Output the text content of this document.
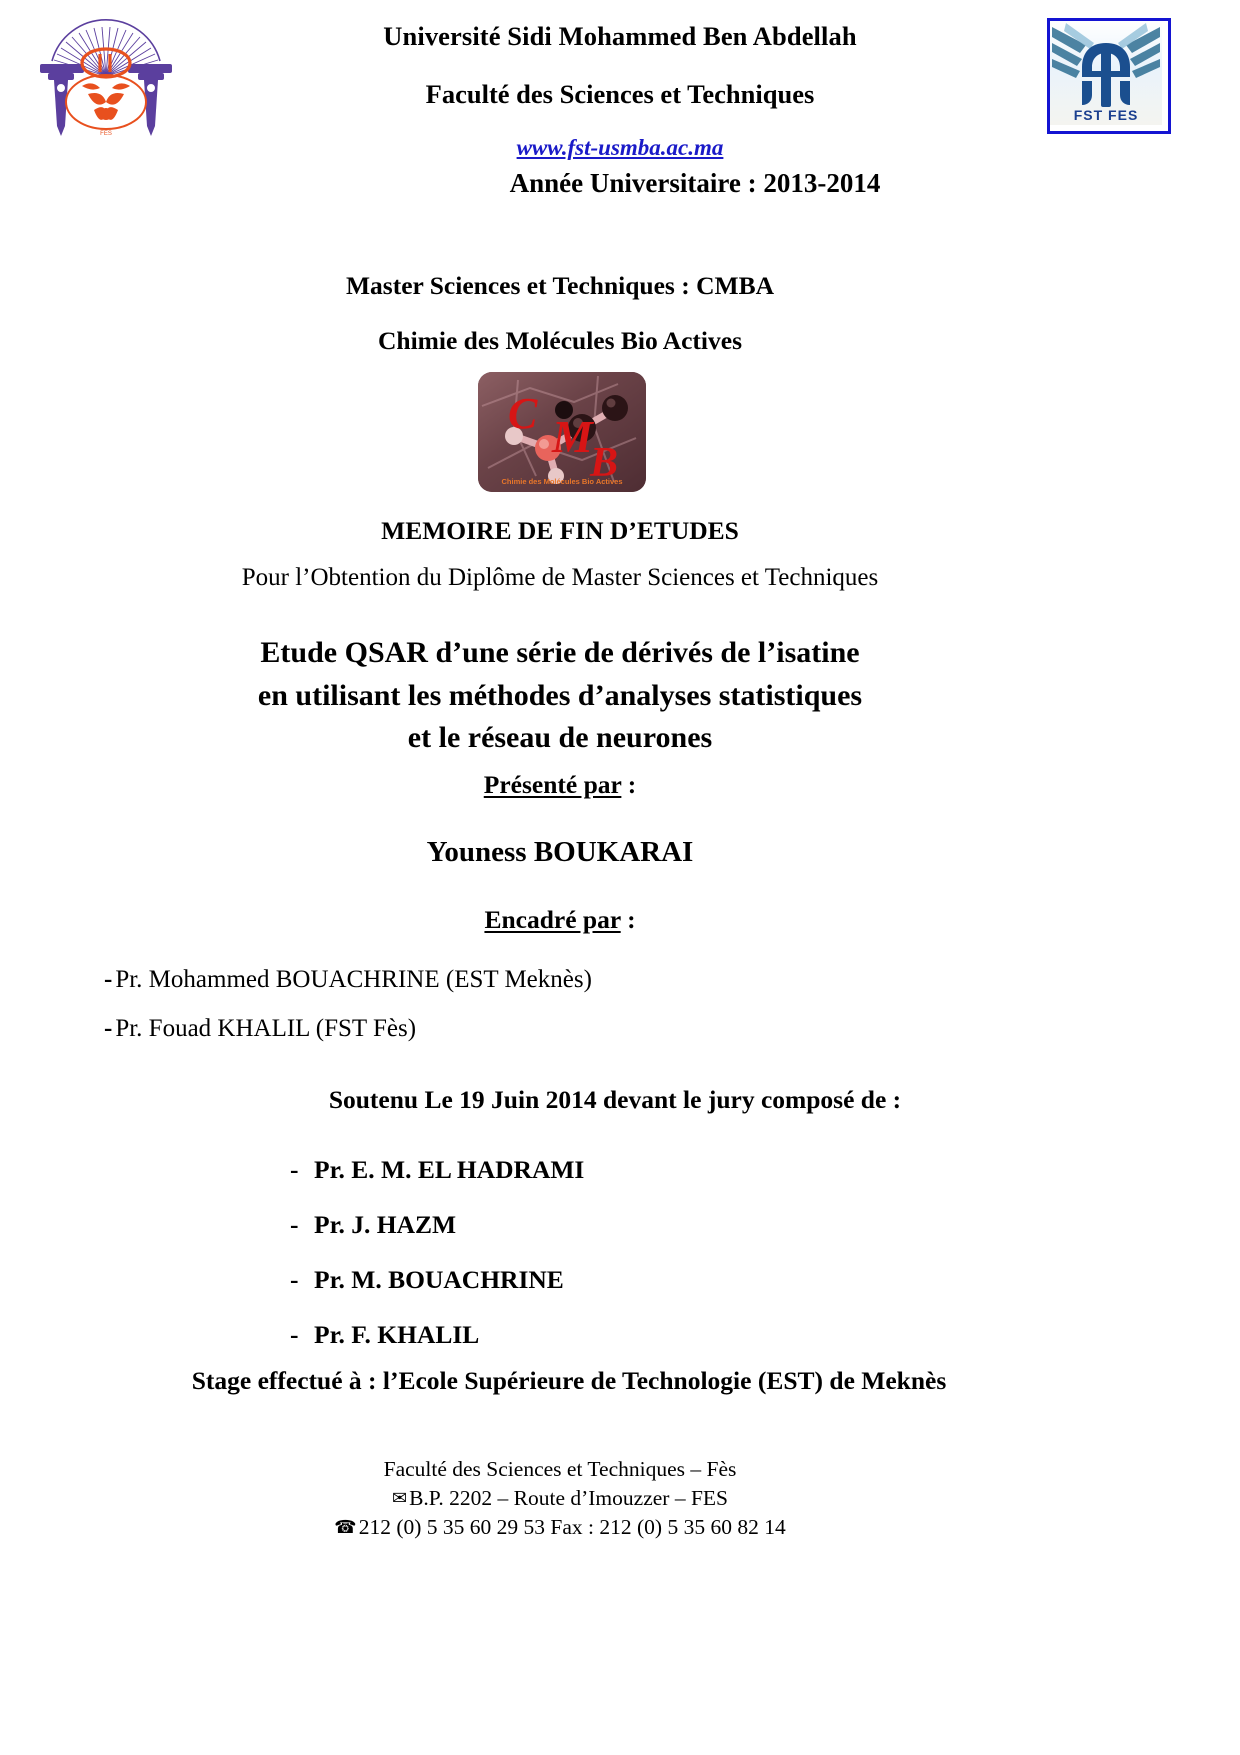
FES
FST FES
Université Sidi Mohammed Ben Abdellah
Faculté des Sciences et Techniques
www.fst-usmba.ac.ma
Année Universitaire : 2013-2014
Master Sciences et Techniques : CMBA
Chimie des Molécules Bio Actives
C M
B
Chimie des Molécules Bio Actives
MEMOIRE DE FIN D’ETUDES
Pour l’Obtention du Diplôme de Master Sciences et Techniques
Etude QSAR d’une série de dérivés de l’isatine
en utilisant les méthodes d’analyses statistiques
et le réseau de neurones
Présenté par :
Youness BOUKARAI
Encadré par :
- Pr. Mohammed BOUACHRINE (EST Meknès)
- Pr. Fouad KHALIL (FST Fès)
Soutenu Le 19 Juin 2014 devant le jury composé de :
- Pr. E. M. EL HADRAMI
- Pr. J. HAZM
- Pr. M. BOUACHRINE
- Pr. F. KHALIL
Stage effectué à : l’Ecole Supérieure de Technologie (EST) de Meknès
Faculté des Sciences et Techniques – Fès
✉B.P. 2202 – Route d’Imouzzer – FES
☎212 (0) 5 35 60 29 53 Fax : 212 (0) 5 35 60 82 14
